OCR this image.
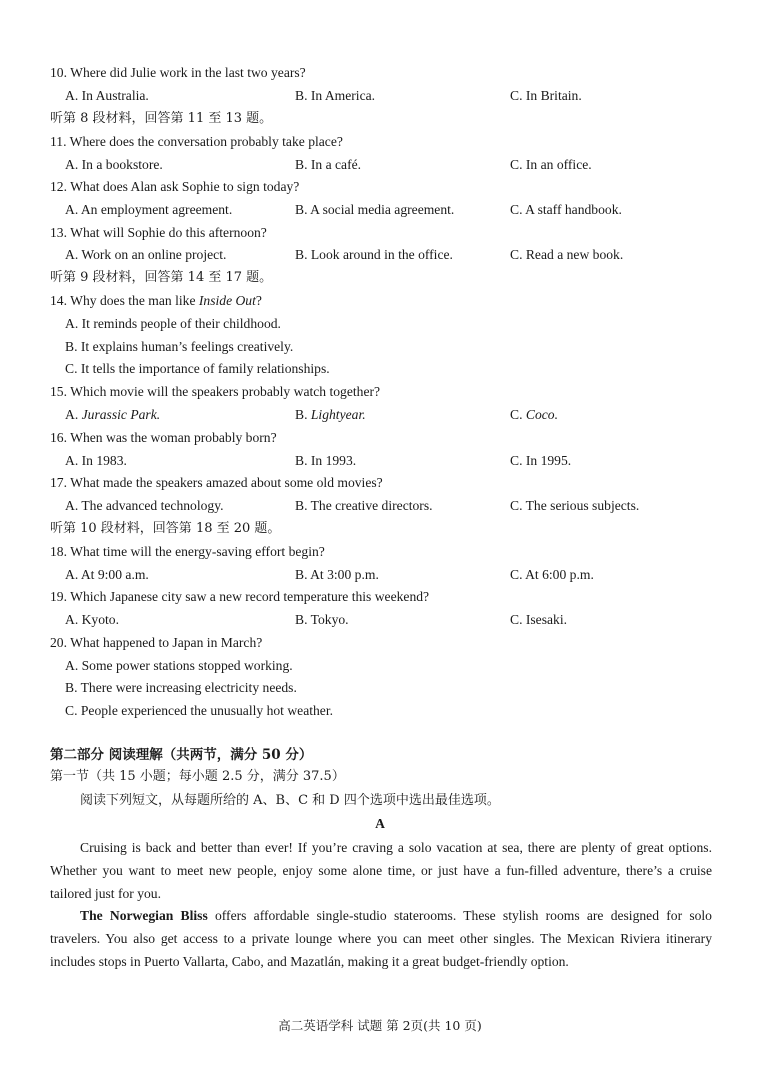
10. Where did Julie work in the last two years?
A. In Australia.	B. In America.	C. In Britain.
听第 8 段材料，回答第 11 至 13 题。
11. Where does the conversation probably take place?
A. In a bookstore.	B. In a café.	C. In an office.
12. What does Alan ask Sophie to sign today?
A. An employment agreement.	B. A social media agreement.	C. A staff handbook.
13. What will Sophie do this afternoon?
A. Work on an online project.	B. Look around in the office.	C. Read a new book.
听第 9 段材料，回答第 14 至 17 题。
14. Why does the man like Inside Out?
A. It reminds people of their childhood.
B. It explains human’s feelings creatively.
C. It tells the importance of family relationships.
15. Which movie will the speakers probably watch together?
A. Jurassic Park.	B. Lightyear.	C. Coco.
16. When was the woman probably born?
A. In 1983.	B. In 1993.	C. In 1995.
17. What made the speakers amazed about some old movies?
A. The advanced technology.	B. The creative directors.	C. The serious subjects.
听第 10 段材料，回答第 18 至 20 题。
18. What time will the energy-saving effort begin?
A. At 9:00 a.m.	B. At 3:00 p.m.	C. At 6:00 p.m.
19. Which Japanese city saw a new record temperature this weekend?
A. Kyoto.	B. Tokyo.	C. Isesaki.
20. What happened to Japan in March?
A. Some power stations stopped working.
B. There were increasing electricity needs.
C. People experienced the unusually hot weather.
第二部分 阅读理解（共两节，满分 50 分）
第一节（共 15 小题；每小题 2.5 分，满分 37.5）
阅读下列短文，从每题所给的 A、B、C 和 D 四个选项中选出最佳选项。
A
Cruising is back and better than ever! If you’re craving a solo vacation at sea, there are plenty of great options. Whether you want to meet new people, enjoy some alone time, or just have a fun-filled adventure, there’s a cruise tailored just for you.
The Norwegian Bliss offers affordable single-studio staterooms. These stylish rooms are designed for solo travelers. You also get access to a private lounge where you can meet other singles. The Mexican Riviera itinerary includes stops in Puerto Vallarta, Cabo, and Mazatlán, making it a great budget-friendly option.
高二英语学科 试题 第 2页(共 10 页)
